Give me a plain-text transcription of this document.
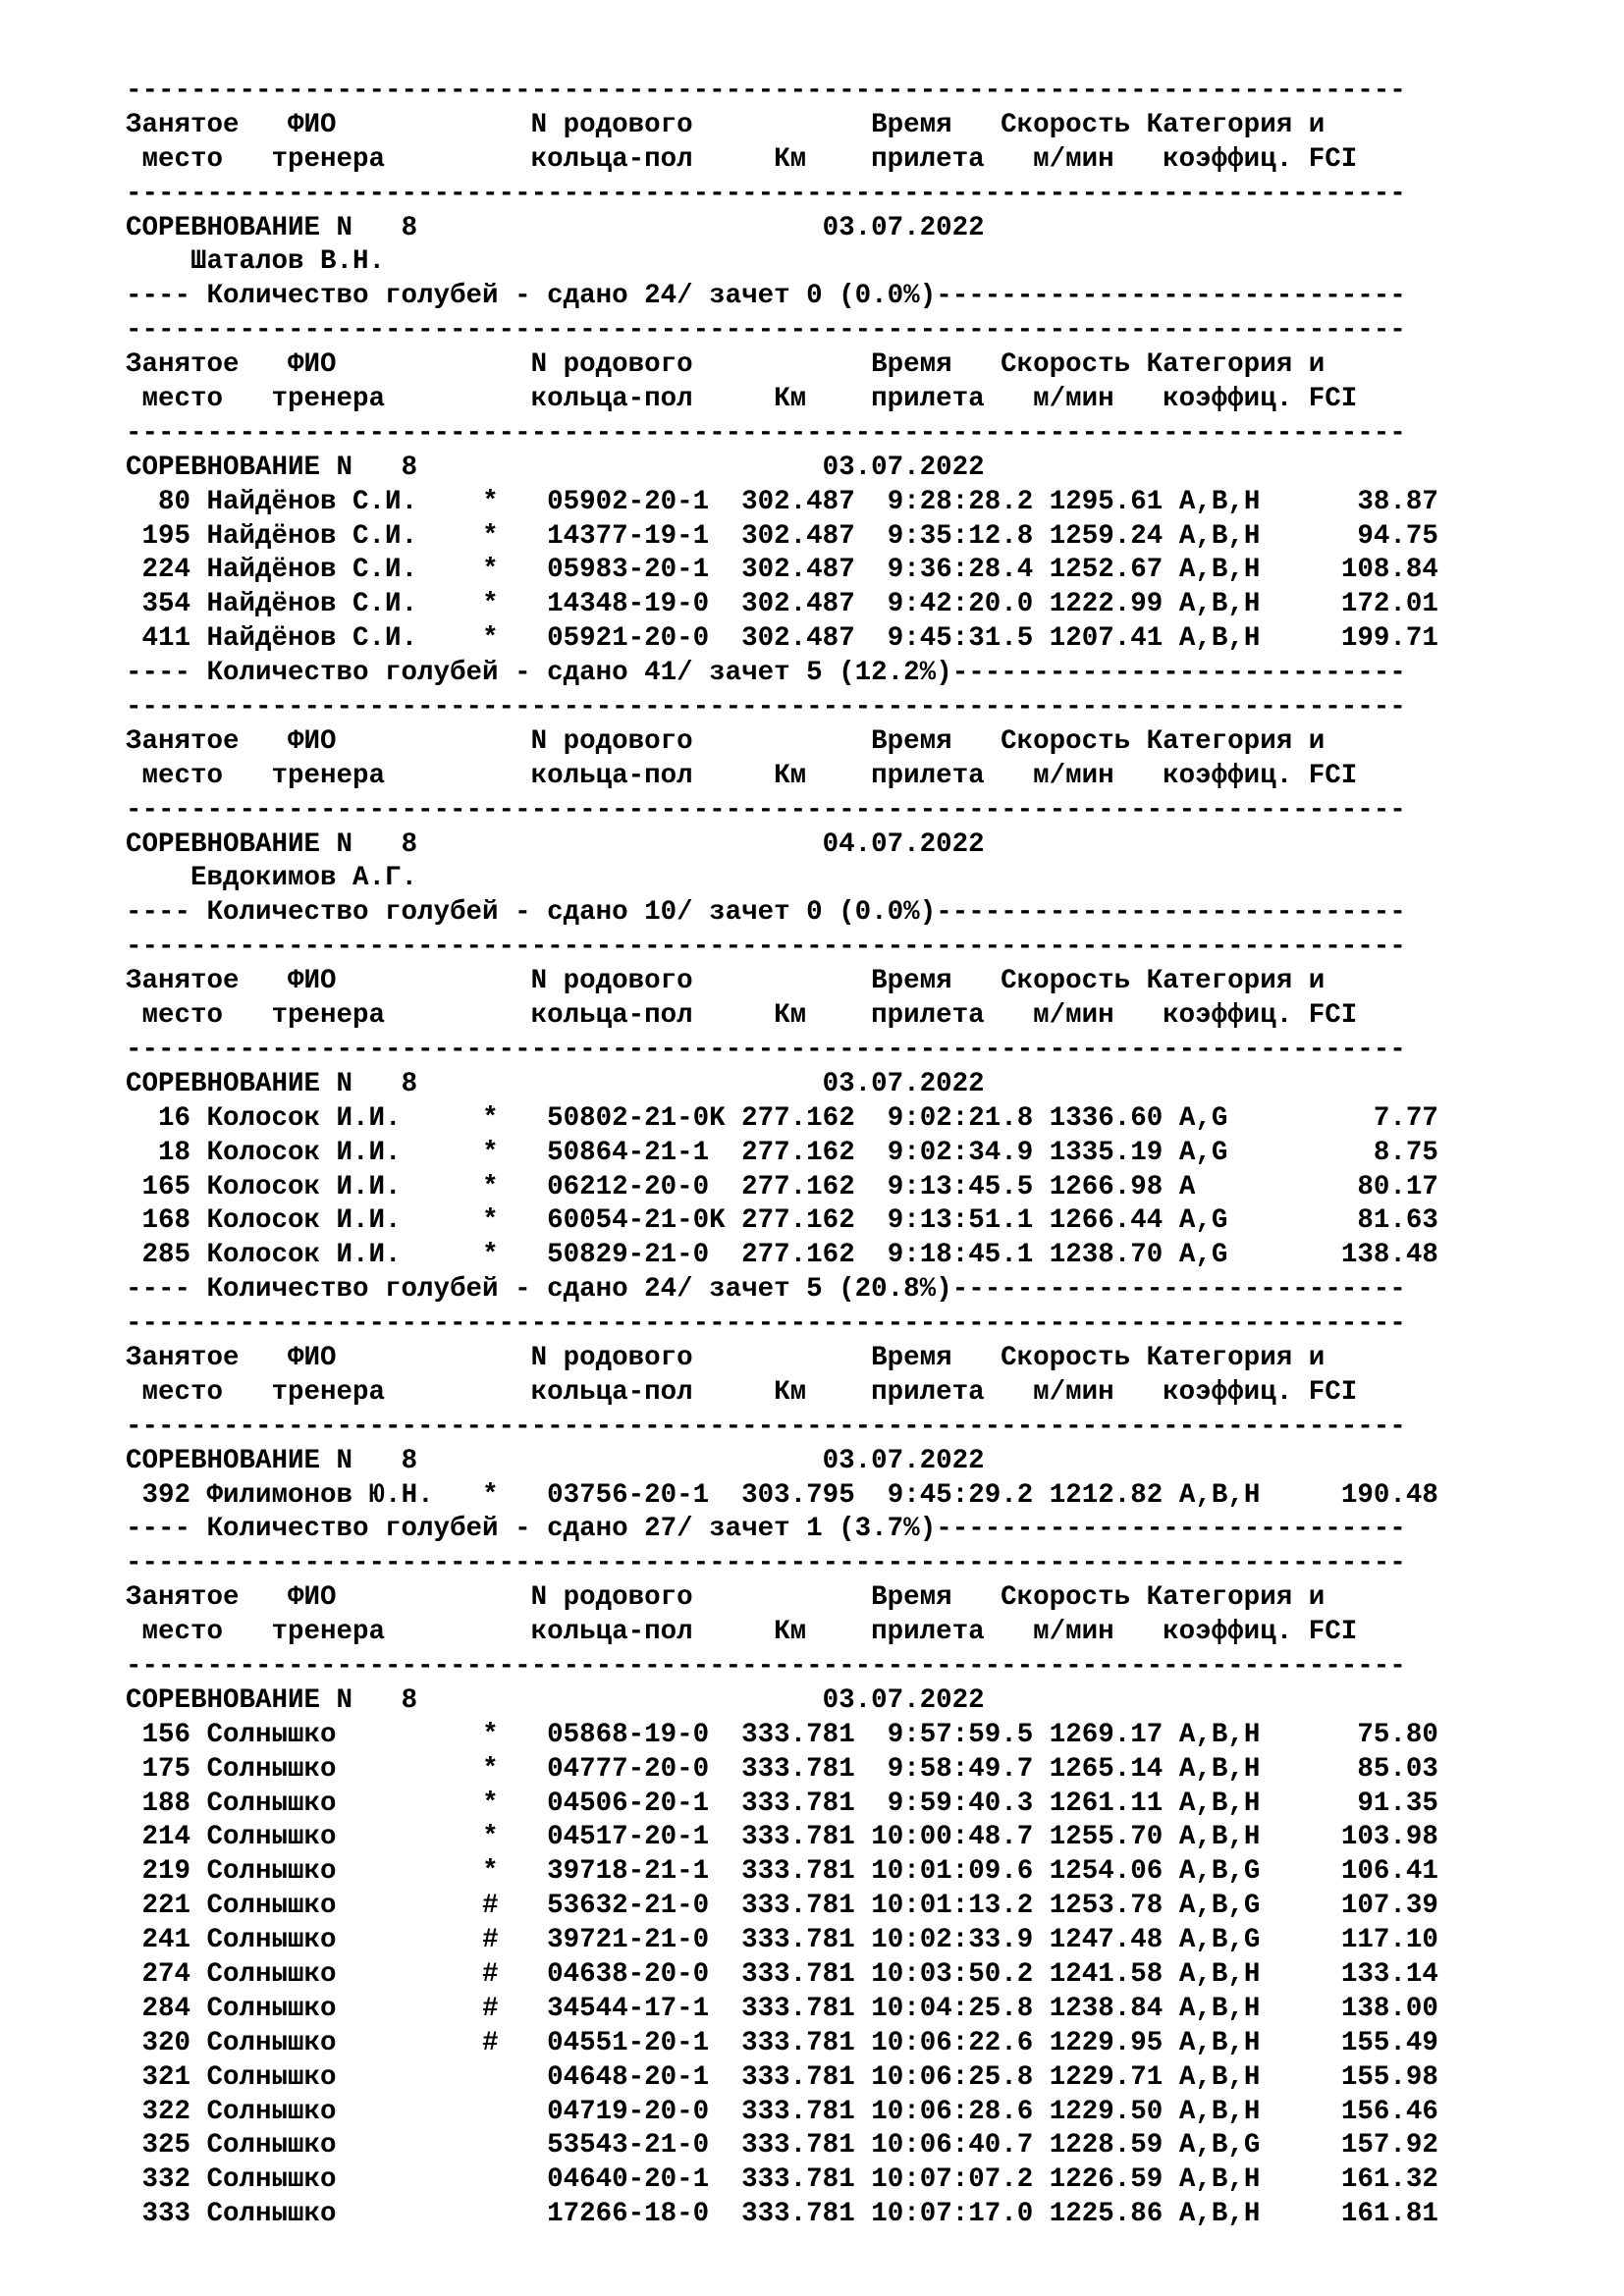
-------------------------------------------------------------------------------
Занятое   ФИО            N родового           Время   Скорость Категория и
место   тренера         кольца-пол     Км    прилета   м/мин   коэффиц. FCI
-------------------------------------------------------------------------------
СОРЕВНОВАНИЕ N 8	03.07.2022
Шаталов В.Н.
---- Количество голубей - сдано 24/ зачет 0 (0.0%)-----------------------------
-------------------------------------------------------------------------------
Занятое   ФИО            N родового           Время   Скорость Категория и
место   тренера         кольца-пол     Км    прилета   м/мин   коэффиц. FCI
-------------------------------------------------------------------------------
СОРЕВНОВАНИЕ N 8	03.07.2022
80 Найдёнов С.И.    * 05902-20-1  302.487  9:28:28.2 1295.61 A,B,H      38.87
195 Найдёнов С.И.    * 14377-19-1  302.487  9:35:12.8 1259.24 A,B,H      94.75
224 Найдёнов С.И.    * 05983-20-1  302.487  9:36:28.4 1252.67 A,B,H     108.84
354 Найдёнов С.И.    * 14348-19-0  302.487  9:42:20.0 1222.99 A,B,H     172.01
411 Найдёнов С.И.    * 05921-20-0  302.487  9:45:31.5 1207.41 A,B,H     199.71
---- Количество голубей - сдано 41/ зачет 5 (12.2%)----------------------------
-------------------------------------------------------------------------------
Занятое   ФИО            N родового           Время   Скорость Категория и
место   тренера         кольца-пол     Км    прилета   м/мин   коэффиц. FCI
-------------------------------------------------------------------------------
СОРЕВНОВАНИЕ N 8	04.07.2022
Евдокимов А.Г.
---- Количество голубей - сдано 10/ зачет 0 (0.0%)-----------------------------
-------------------------------------------------------------------------------
Занятое   ФИО            N родового           Время   Скорость Категория и
место   тренера         кольца-пол     Км    прилета   м/мин   коэффиц. FCI
-------------------------------------------------------------------------------
СОРЕВНОВАНИЕ N 8	03.07.2022
16 Колосок И.И.     * 50802-21-0K 277.162  9:02:21.8 1336.60 A,G         7.77
18 Колосок И.И.     * 50864-21-1  277.162  9:02:34.9 1335.19 A,G         8.75
165 Колосок И.И.     * 06212-20-0  277.162  9:13:45.5 1266.98 A          80.17
168 Колосок И.И.     * 60054-21-0K 277.162  9:13:51.1 1266.44 A,G        81.63
285 Колосок И.И.     * 50829-21-0  277.162  9:18:45.1 1238.70 A,G       138.48
---- Количество голубей - сдано 24/ зачет 5 (20.8%)----------------------------
-------------------------------------------------------------------------------
Занятое   ФИО            N родового           Время   Скорость Категория и
место   тренера         кольца-пол     Км    прилета   м/мин   коэффиц. FCI
-------------------------------------------------------------------------------
СОРЕВНОВАНИЕ N 8	03.07.2022
392 Филимонов Ю.Н. * 03756-20-1  303.795  9:45:29.2 1212.82 A,B,H     190.48
---- Количество голубей - сдано 27/ зачет 1 (3.7%)-----------------------------
-------------------------------------------------------------------------------
Занятое   ФИО            N родового           Время   Скорость Категория и
место   тренера         кольца-пол     Км    прилета   м/мин   коэффиц. FCI
-------------------------------------------------------------------------------
СОРЕВНОВАНИЕ N 8	03.07.2022
156 Солнышко         * 05868-19-0  333.781  9:57:59.5 1269.17 A,B,H      75.80
175 Солнышко         * 04777-20-0  333.781  9:58:49.7 1265.14 A,B,H      85.03
188 Солнышко         * 04506-20-1  333.781  9:59:40.3 1261.11 A,B,H      91.35
214 Солнышко         * 04517-20-1  333.781 10:00:48.7 1255.70 A,B,H     103.98
219 Солнышко         * 39718-21-1  333.781 10:01:09.6 1254.06 A,B,G     106.41
221 Солнышко         # 53632-21-0  333.781 10:01:13.2 1253.78 A,B,G     107.39
241 Солнышко         # 39721-21-0  333.781 10:02:33.9 1247.48 A,B,G     117.10
274 Солнышко         # 04638-20-0  333.781 10:03:50.2 1241.58 A,B,H     133.14
284 Солнышко         # 34544-17-1  333.781 10:04:25.8 1238.84 A,B,H     138.00
320 Солнышко         # 04551-20-1  333.781 10:06:22.6 1229.95 A,B,H     155.49
321 Солнышко	04648-20-1  333.781 10:06:25.8 1229.71 A,B,H     155.98
322 Солнышко	04719-20-0  333.781 10:06:28.6 1229.50 A,B,H     156.46
325 Солнышко	53543-21-0  333.781 10:06:40.7 1228.59 A,B,G     157.92
332 Солнышко	04640-20-1  333.781 10:07:07.2 1226.59 A,B,H     161.32
333 Солнышко	17266-18-0  333.781 10:07:17.0 1225.86 A,B,H     161.81
